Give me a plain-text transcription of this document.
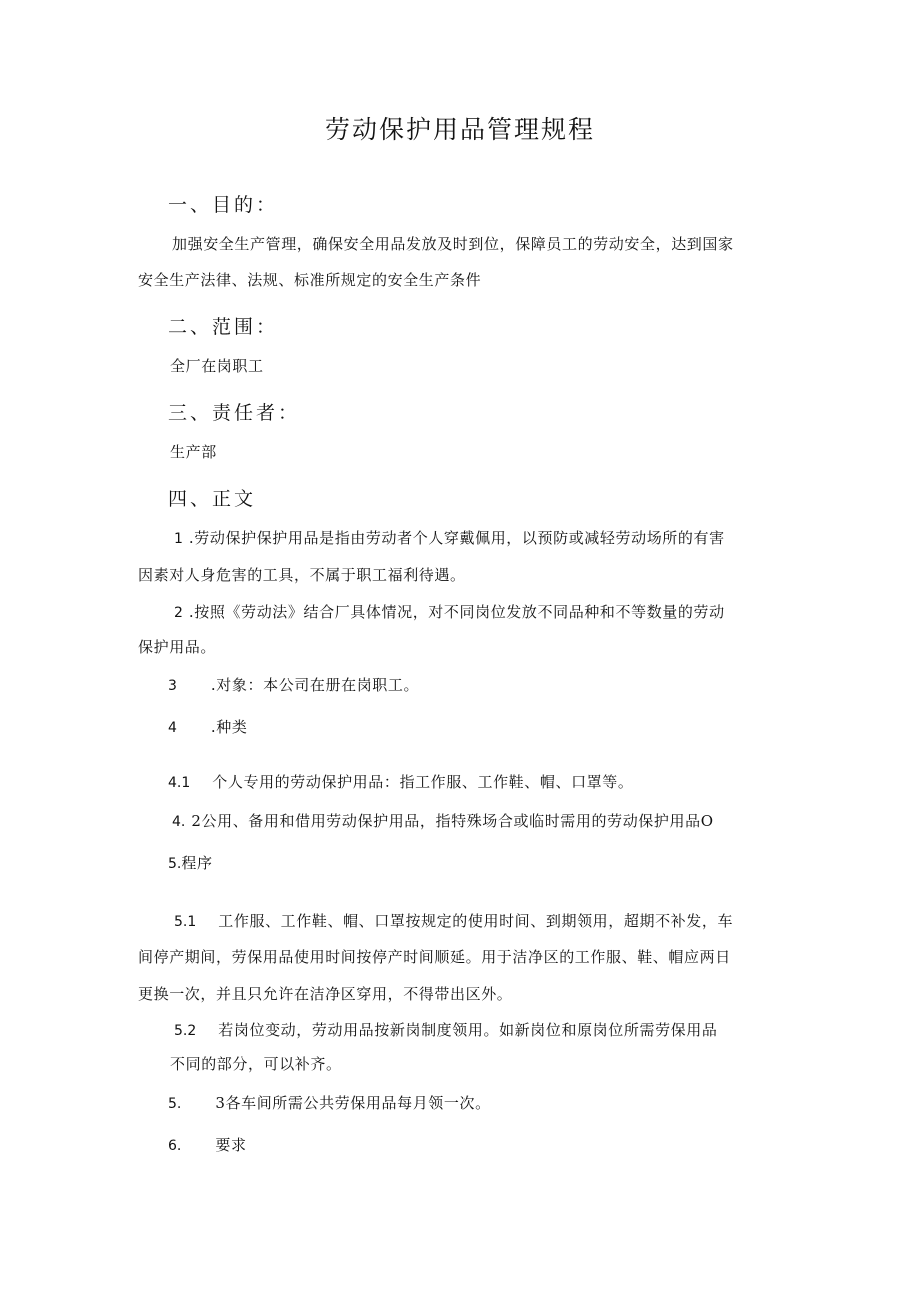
劳动保护用品管理规程
一、目的：
加强安全生产管理，确保安全用品发放及时到位，保障员工的劳动安全，达到国家
安全生产法律、法规、标准所规定的安全生产条件
二、范围：
全厂在岗职工
三、责任者：
生产部
四、正文
1 .劳动保护保护用品是指由劳动者个人穿戴佩用，以预防或减轻劳动场所的有害
因素对人身危害的工具，不属于职工福利待遇。
2 .按照《劳动法》结合厂具体情况，对不同岗位发放不同品种和不等数量的劳动
保护用品。
3 .对象：本公司在册在岗职工。
4 .种类
4.1 个人专用的劳动保护用品：指工作服、工作鞋、帽、口罩等。
4. 2公用、备用和借用劳动保护用品，指特殊场合或临时需用的劳动保护用品O
5.程序
5.1 工作服、工作鞋、帽、口罩按规定的使用时间、到期领用，超期不补发，车
间停产期间，劳保用品使用时间按停产时间顺延。用于洁净区的工作服、鞋、帽应两日
更换一次，并且只允许在洁净区穿用，不得带出区外。
5.2 若岗位变动，劳动用品按新岗制度领用。如新岗位和原岗位所需劳保用品
不同的部分，可以补齐。
5. 3各车间所需公共劳保用品每月领一次。
6. 要求
